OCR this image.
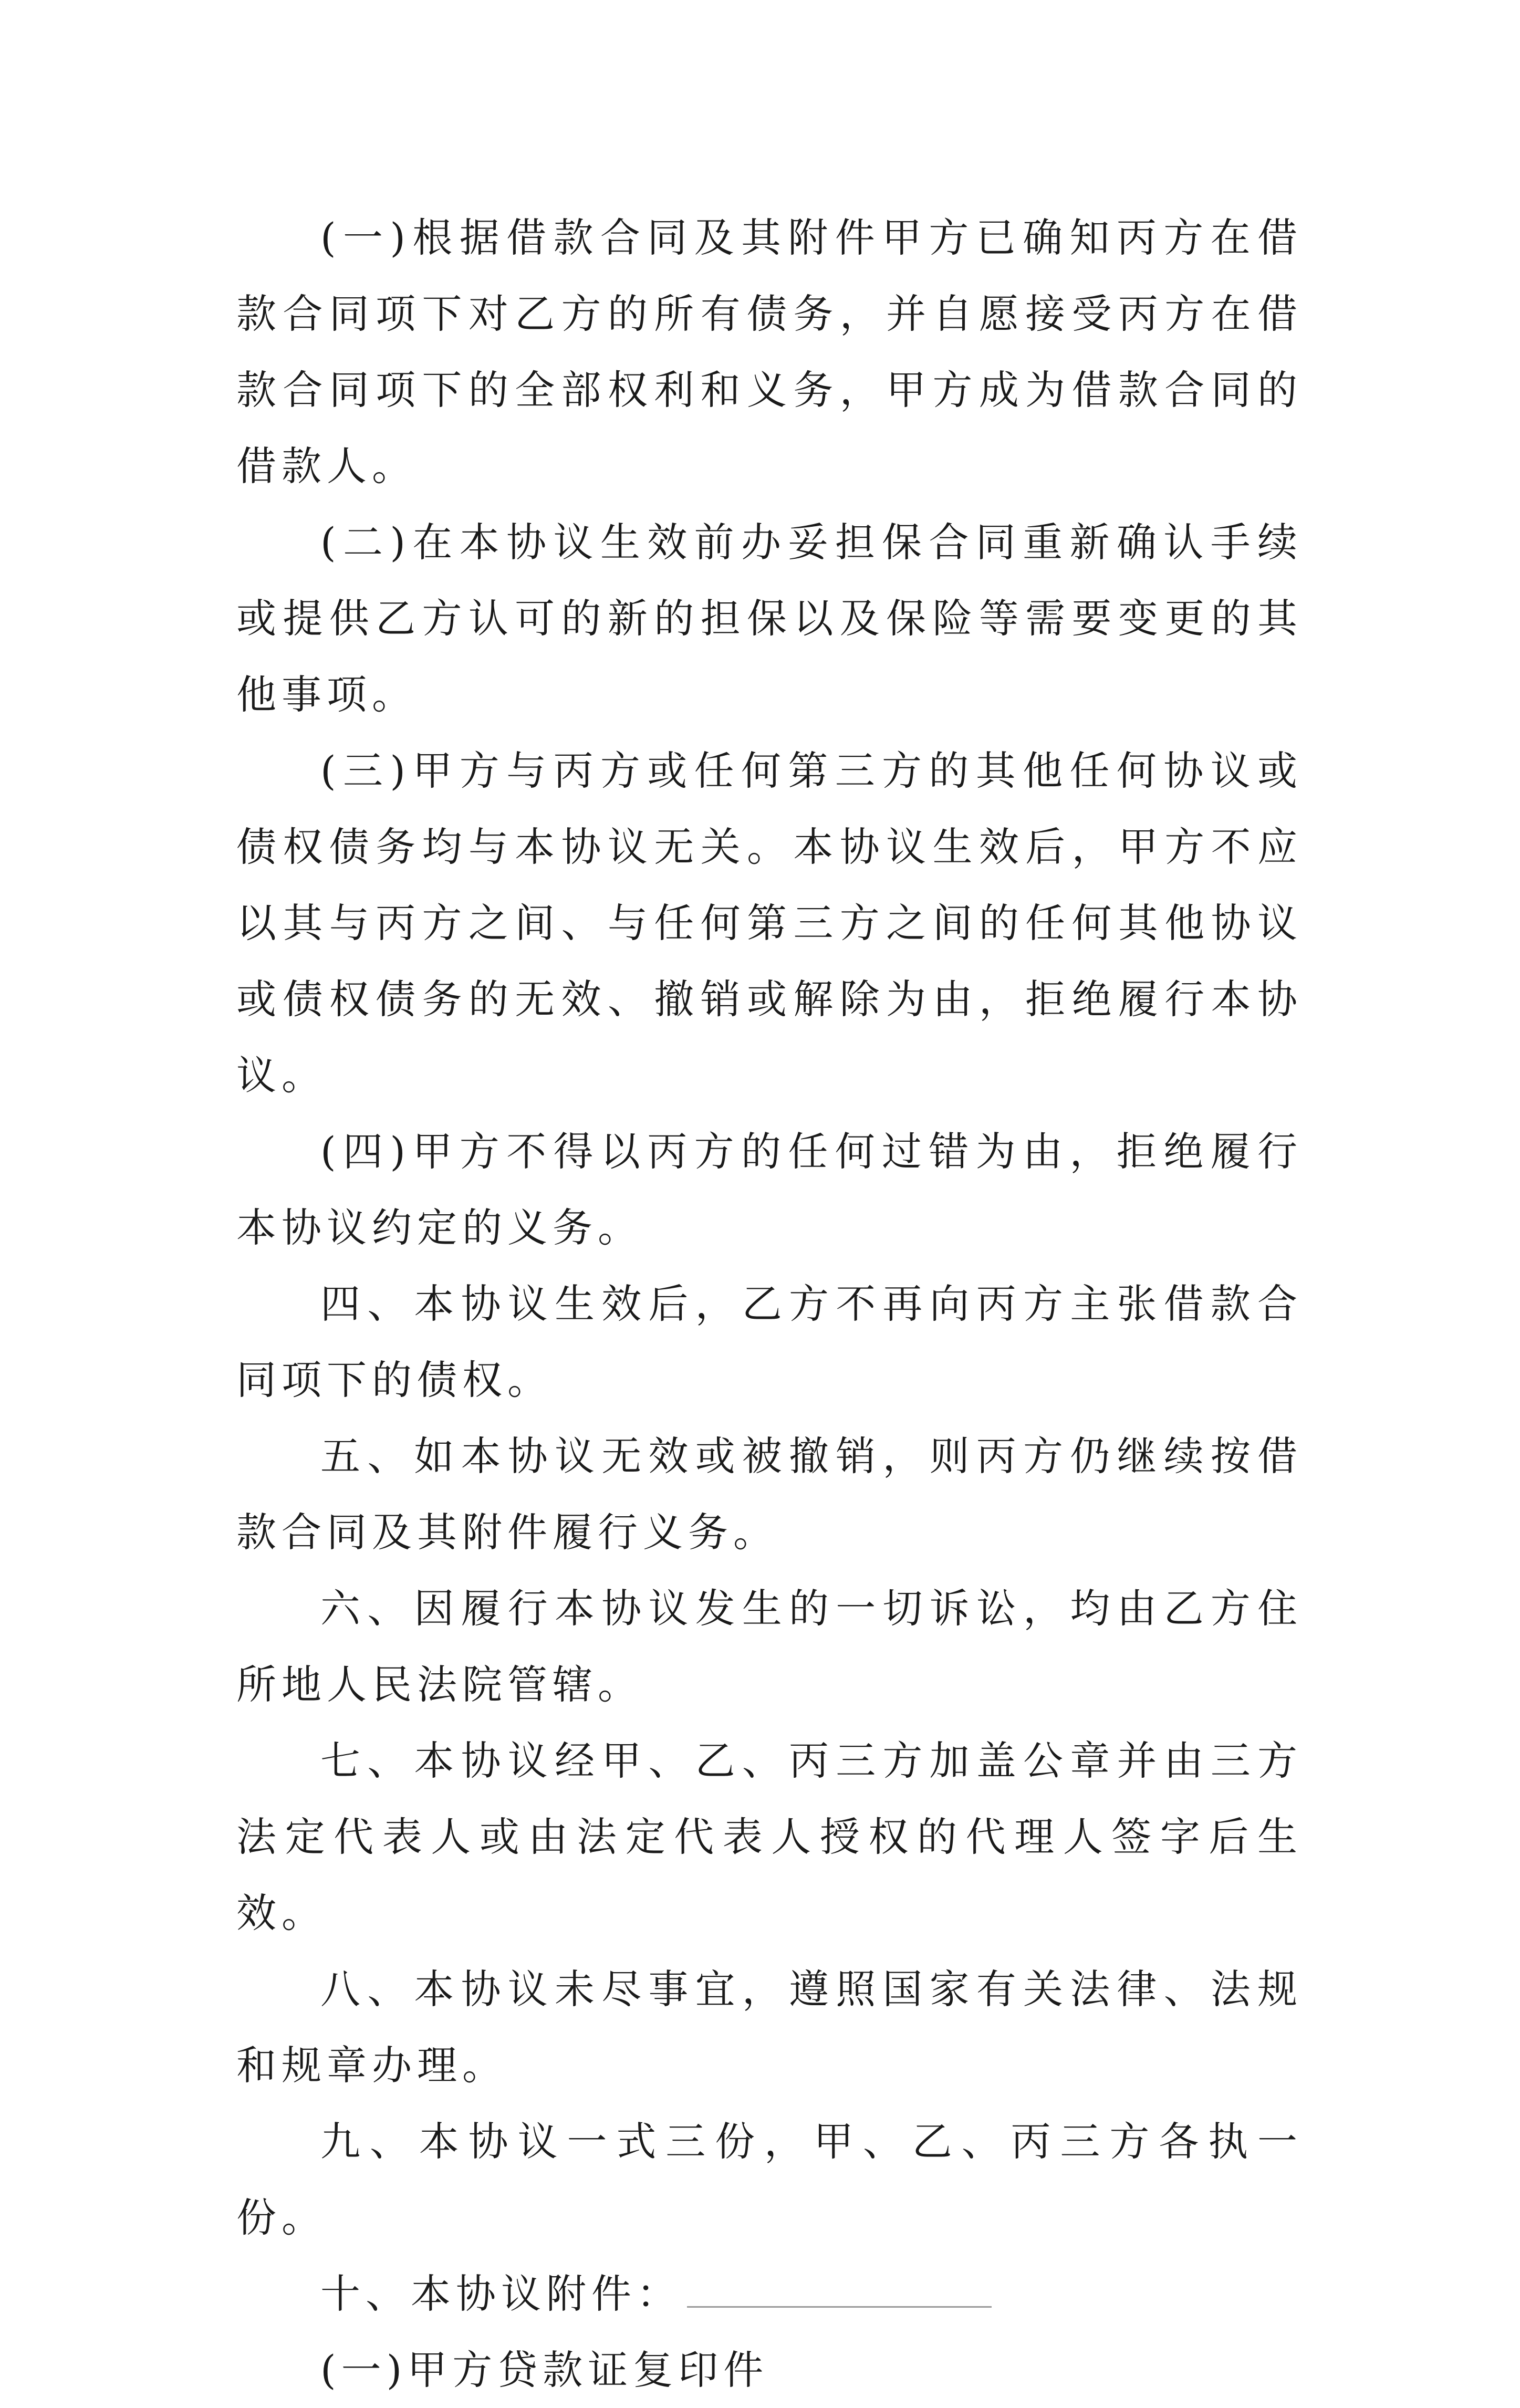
(一)根据借款合同及其附件甲方已确知丙方在借款合同项下对乙方的所有债务，并自愿接受丙方在借款合同项下的全部权利和义务，甲方成为借款合同的借款人。

(二)在本协议生效前办妥担保合同重新确认手续或提供乙方认可的新的担保以及保险等需要变更的其他事项。

(三)甲方与丙方或任何第三方的其他任何协议或债权债务均与本协议无关。本协议生效后，甲方不应以其与丙方之间、与任何第三方之间的任何其他协议或债权债务的无效、撤销或解除为由，拒绝履行本协议。

(四)甲方不得以丙方的任何过错为由，拒绝履行本协议约定的义务。

四、本协议生效后，乙方不再向丙方主张借款合同项下的债权。

五、如本协议无效或被撤销，则丙方仍继续按借款合同及其附件履行义务。

六、因履行本协议发生的一切诉讼，均由乙方住所地人民法院管辖。

七、本协议经甲、乙、丙三方加盖公章并由三方法定代表人或由法定代表人授权的代理人签字后生效。

八、本协议未尽事宜，遵照国家有关法律、法规和规章办理。

九、本协议一式三份，甲、乙、丙三方各执一份。

十、本协议附件：

(一)甲方贷款证复印件
